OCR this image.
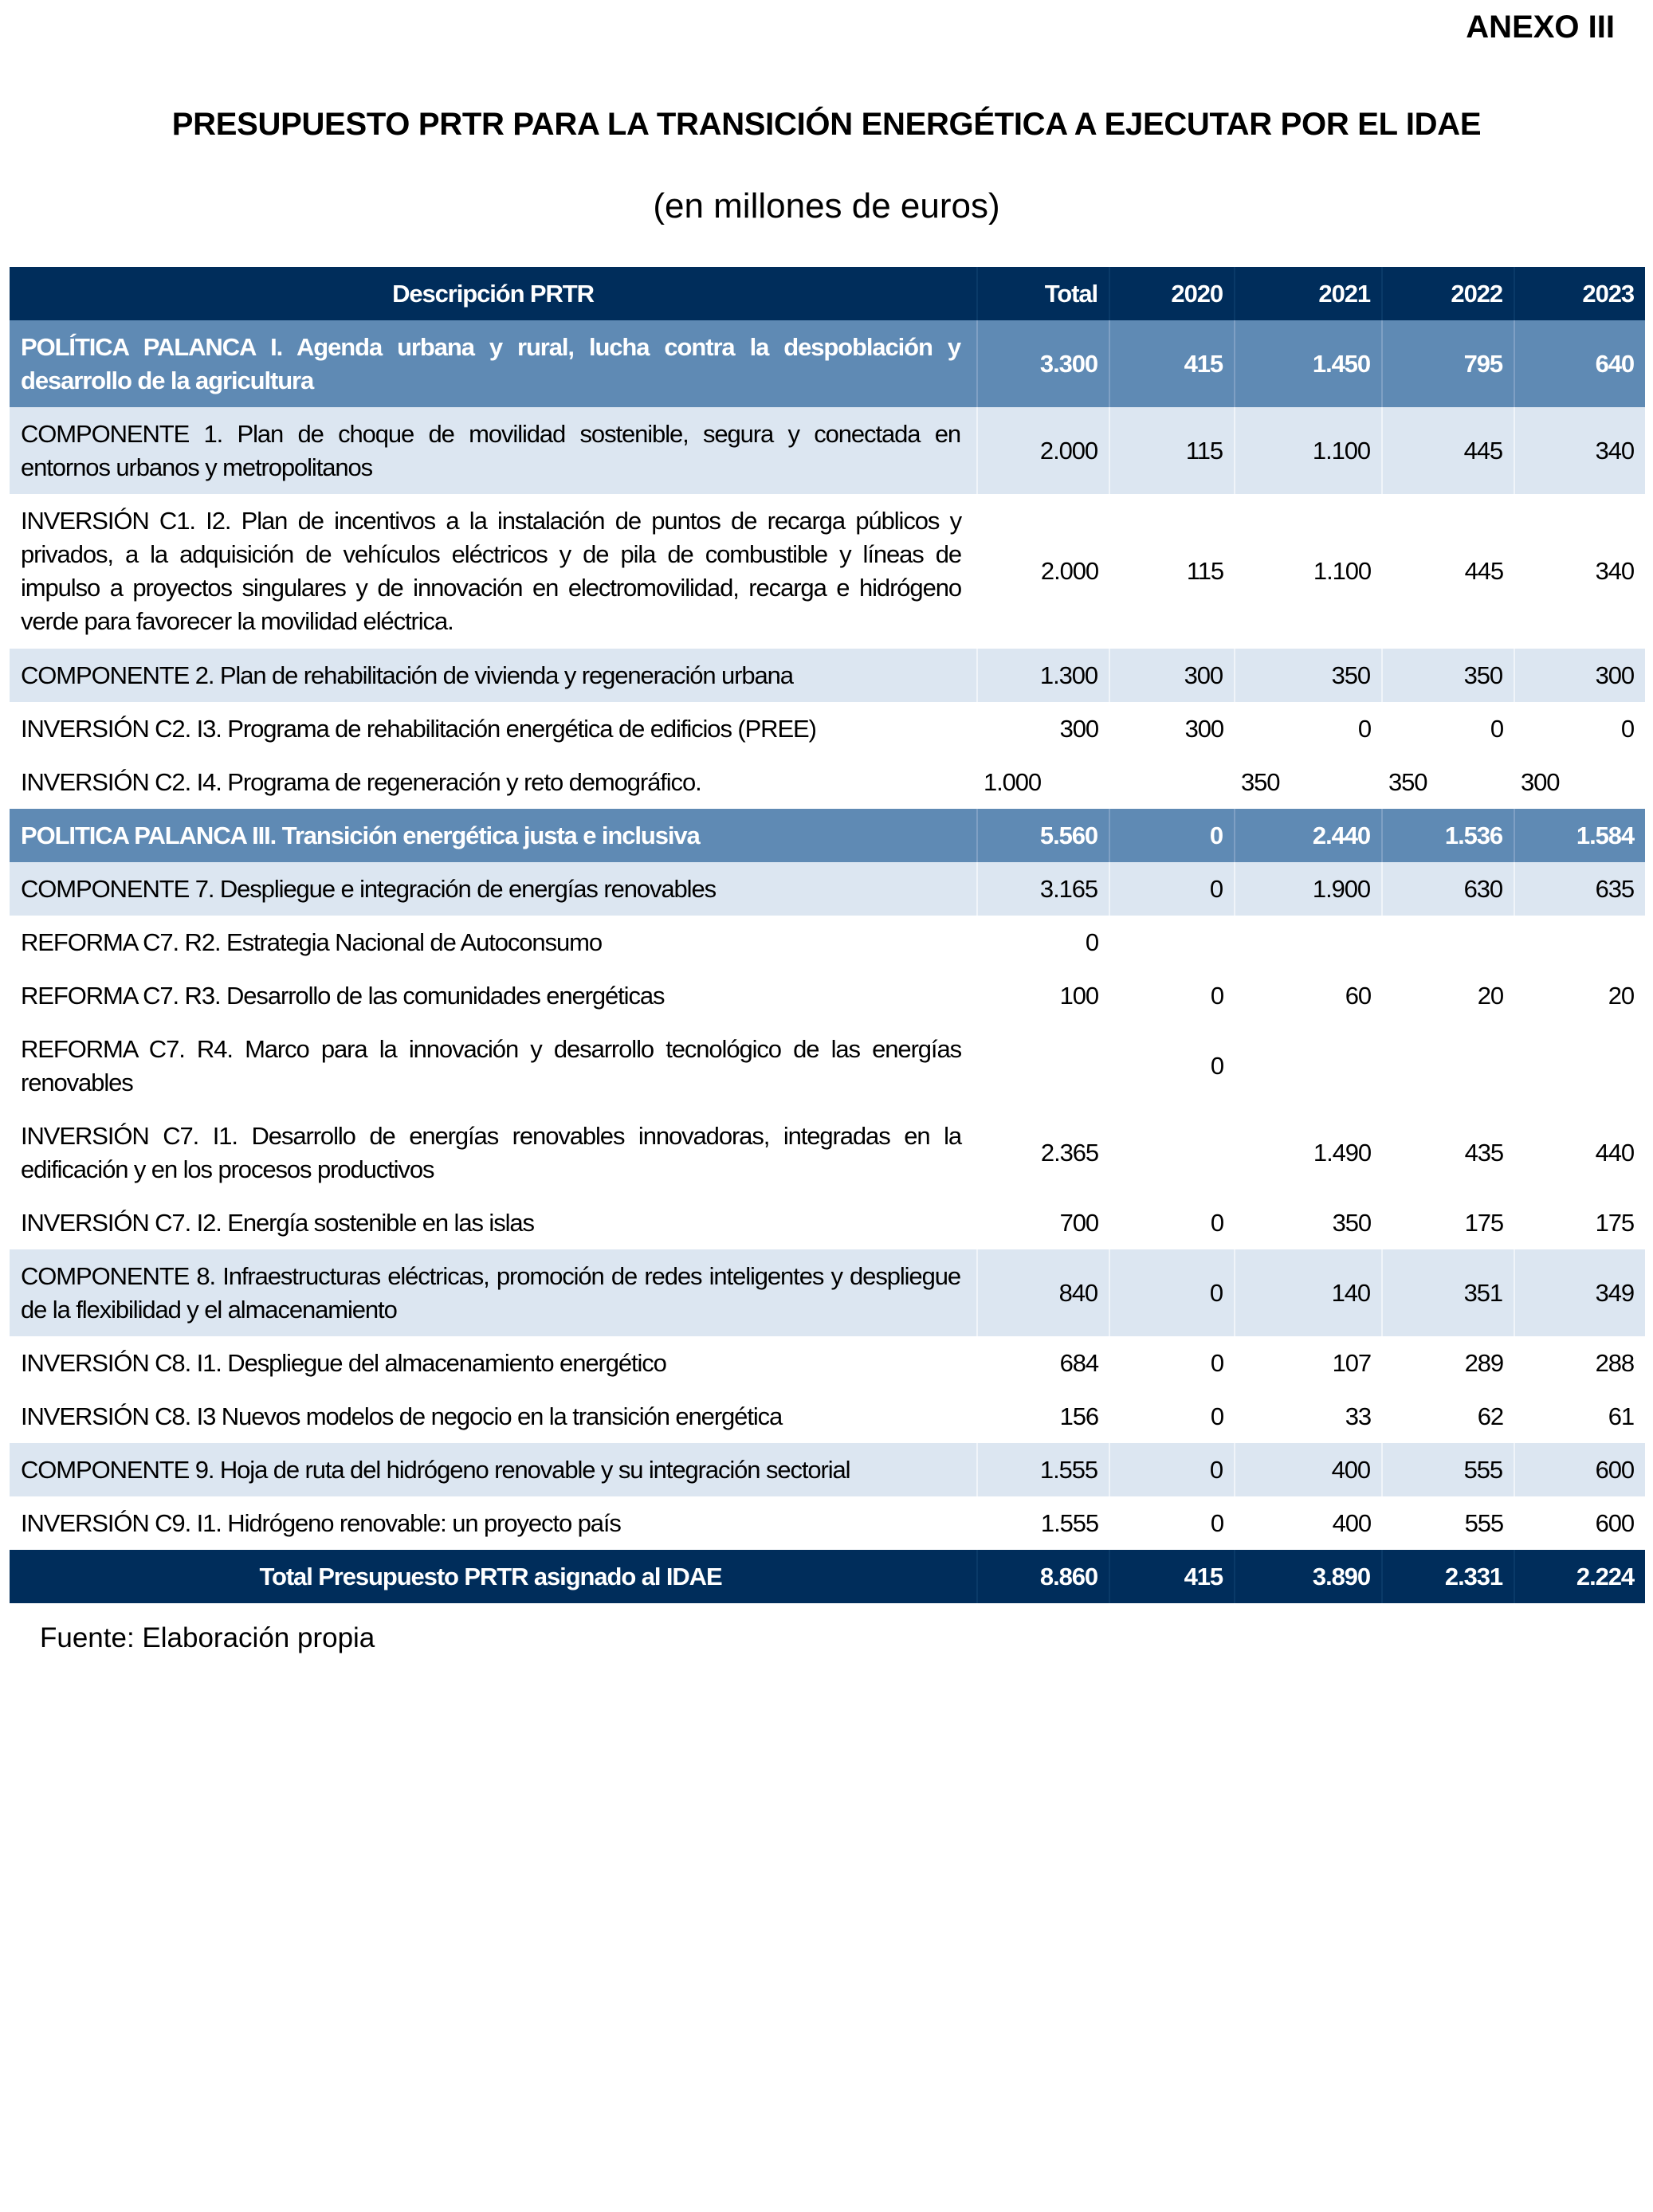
ANEXO III
PRESUPUESTO PRTR PARA LA TRANSICIÓN ENERGÉTICA A EJECUTAR POR EL IDAE
(en millones de euros)
Descripción PRTR	Total	2020	2021	2022	2023
POLÍTICA PALANCA I. Agenda urbana y rural, lucha contra la despoblación y desarrollo de la agricultura	3.300	415	1.450	795	640
COMPONENTE 1. Plan de choque de movilidad sostenible, segura y conectada en entornos urbanos y metropolitanos	2.000	115	1.100	445	340
INVERSIÓN C1. I2. Plan de incentivos a la instalación de puntos de recarga públicos y privados, a la adquisición de vehículos eléctricos y de pila de combustible y líneas de impulso a proyectos singulares y de innovación en electromovilidad, recarga e hidrógeno verde para favorecer la movilidad eléctrica.	2.000	115	1.100	445	340
COMPONENTE 2. Plan de rehabilitación de vivienda y regeneración urbana	1.300	300	350	350	300
INVERSIÓN C2. I3. Programa de rehabilitación energética de edificios (PREE)	300	300	0	0	0
INVERSIÓN C2. I4. Programa de regeneración y reto demográfico.	1.000		350	350	300
POLITICA PALANCA III. Transición energética justa e inclusiva	5.560	0	2.440	1.536	1.584
COMPONENTE 7. Despliegue e integración de energías renovables	3.165	0	1.900	630	635
REFORMA C7. R2. Estrategia Nacional de Autoconsumo	0				
REFORMA C7. R3. Desarrollo de las comunidades energéticas	100	0	60	20	20
REFORMA C7. R4. Marco para la innovación y desarrollo tecnológico de las energías renovables		0			
INVERSIÓN C7. I1. Desarrollo de energías renovables innovadoras, integradas en la edificación y en los procesos productivos	2.365		1.490	435	440
INVERSIÓN C7. I2. Energía sostenible en las islas	700	0	350	175	175
COMPONENTE 8. Infraestructuras eléctricas, promoción de redes inteligentes y despliegue de la flexibilidad y el almacenamiento	840	0	140	351	349
INVERSIÓN C8. I1. Despliegue del almacenamiento energético	684	0	107	289	288
INVERSIÓN C8. I3 Nuevos modelos de negocio en la transición energética	156	0	33	62	61
COMPONENTE 9. Hoja de ruta del hidrógeno renovable y su integración sectorial	1.555	0	400	555	600
INVERSIÓN C9. I1. Hidrógeno renovable: un proyecto país	1.555	0	400	555	600
Total Presupuesto PRTR asignado al IDAE	8.860	415	3.890	2.331	2.224
Fuente: Elaboración propia
